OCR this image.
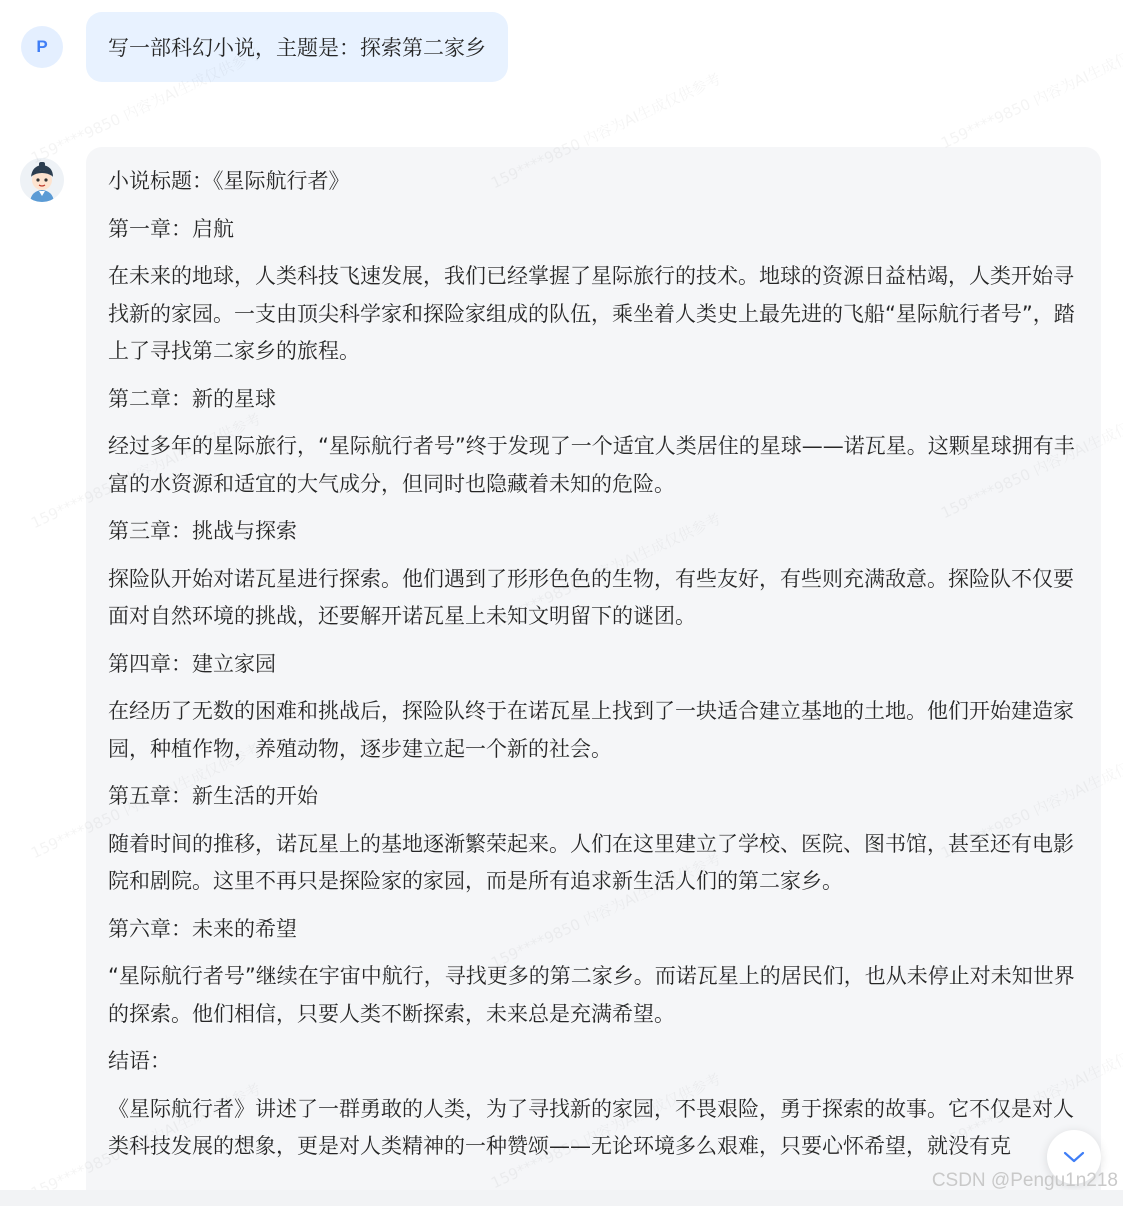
P	写一部科幻小说，主题是：探索第二家乡

小说标题：《星际航行者》

第一章：启航

在未来的地球，人类科技飞速发展，我们已经掌握了星际旅行的技术。地球的资源日益枯竭，人类开始寻找新的家园。一支由顶尖科学家和探险家组成的队伍，乘坐着人类史上最先进的飞船“星际航行者号”，踏上了寻找第二家乡的旅程。

第二章：新的星球

经过多年的星际旅行，“星际航行者号”终于发现了一个适宜人类居住的星球——诺瓦星。这颗星球拥有丰富的水资源和适宜的大气成分，但同时也隐藏着未知的危险。

第三章：挑战与探索

探险队开始对诺瓦星进行探索。他们遇到了形形色色的生物，有些友好，有些则充满敌意。探险队不仅要面对自然环境的挑战，还要解开诺瓦星上未知文明留下的谜团。

第四章：建立家园

在经历了无数的困难和挑战后，探险队终于在诺瓦星上找到了一块适合建立基地的土地。他们开始建造家园，种植作物，养殖动物，逐步建立起一个新的社会。

第五章：新生活的开始

随着时间的推移，诺瓦星上的基地逐渐繁荣起来。人们在这里建立了学校、医院、图书馆，甚至还有电影院和剧院。这里不再只是探险家的家园，而是所有追求新生活人们的第二家乡。

第六章：未来的希望

“星际航行者号”继续在宇宙中航行，寻找更多的第二家乡。而诺瓦星上的居民们，也从未停止对未知世界的探索。他们相信，只要人类不断探索，未来总是充满希望。

结语：

《星际航行者》讲述了一群勇敢的人类，为了寻找新的家园，不畏艰险，勇于探索的故事。它不仅是对人类科技发展的想象，更是对人类精神的一种赞颂——无论环境多么艰难，只要心怀希望，就没有克

CSDN @Pengu1n218
